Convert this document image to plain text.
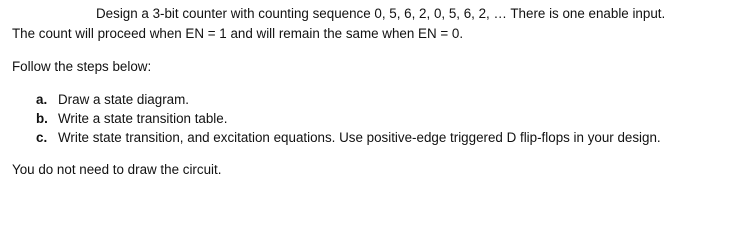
Design a 3-bit counter with counting sequence 0, 5, 6, 2, 0, 5, 6, 2, … There is one enable input.
The count will proceed when EN = 1 and will remain the same when EN = 0.
Follow the steps below:
a. Draw a state diagram.
b. Write a state transition table.
c. Write state transition, and excitation equations. Use positive-edge triggered D flip-flops in your design.
You do not need to draw the circuit.
